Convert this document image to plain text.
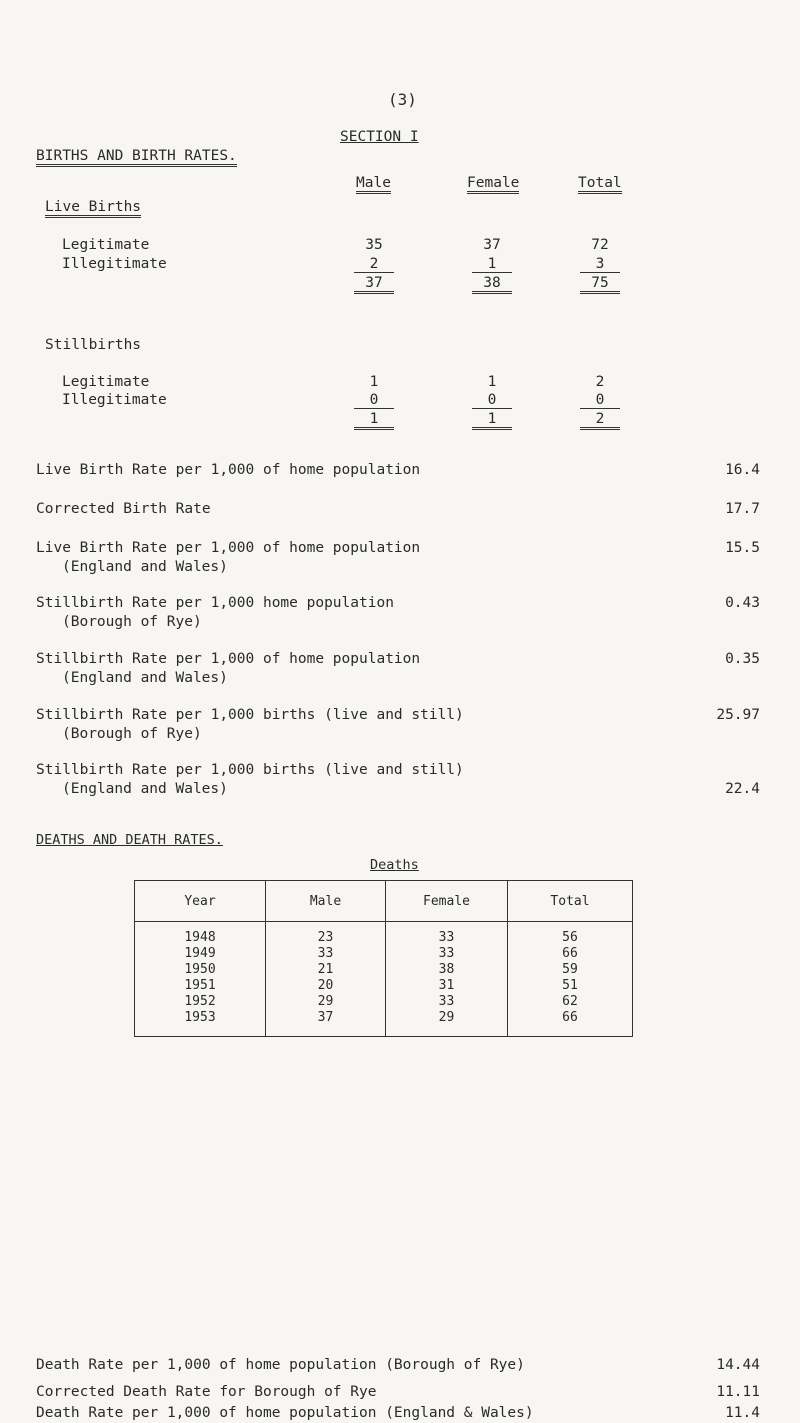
(3)
SECTION I
BIRTHS AND BIRTH RATES.
Male	Female	Total
Live Births
Legitimate	35	37	72
Illegitimate	2	1	3
37	38	75
Stillbirths
Legitimate	1	1	2
Illegitimate	0	0	0
1	1	2
Live Birth Rate per 1,000 of home population	16.4
Corrected Birth Rate	17.7
Live Birth Rate per 1,000 of home population
(England and Wales)
15.5
Stillbirth Rate per 1,000 home population
(Borough of Rye)
0.43
Stillbirth Rate per 1,000 of home population
(England and Wales)
0.35
Stillbirth Rate per 1,000 births (live and still)
(Borough of Rye)
25.97
Stillbirth Rate per 1,000 births (live and still)
(England and Wales)	22.4
DEATHS AND DEATH RATES.
Deaths
Year	Male	Female	Total
1948	23	33	56
1949	33	33	66
1950	21	38	59
1951	20	31	51
1952	29	33	62
1953	37	29	66
Death Rate per 1,000 of home population (Borough of Rye)	14.44
Corrected Death Rate for Borough of Rye	11.11
Death Rate per 1,000 of home population (England & Wales)	11.4
